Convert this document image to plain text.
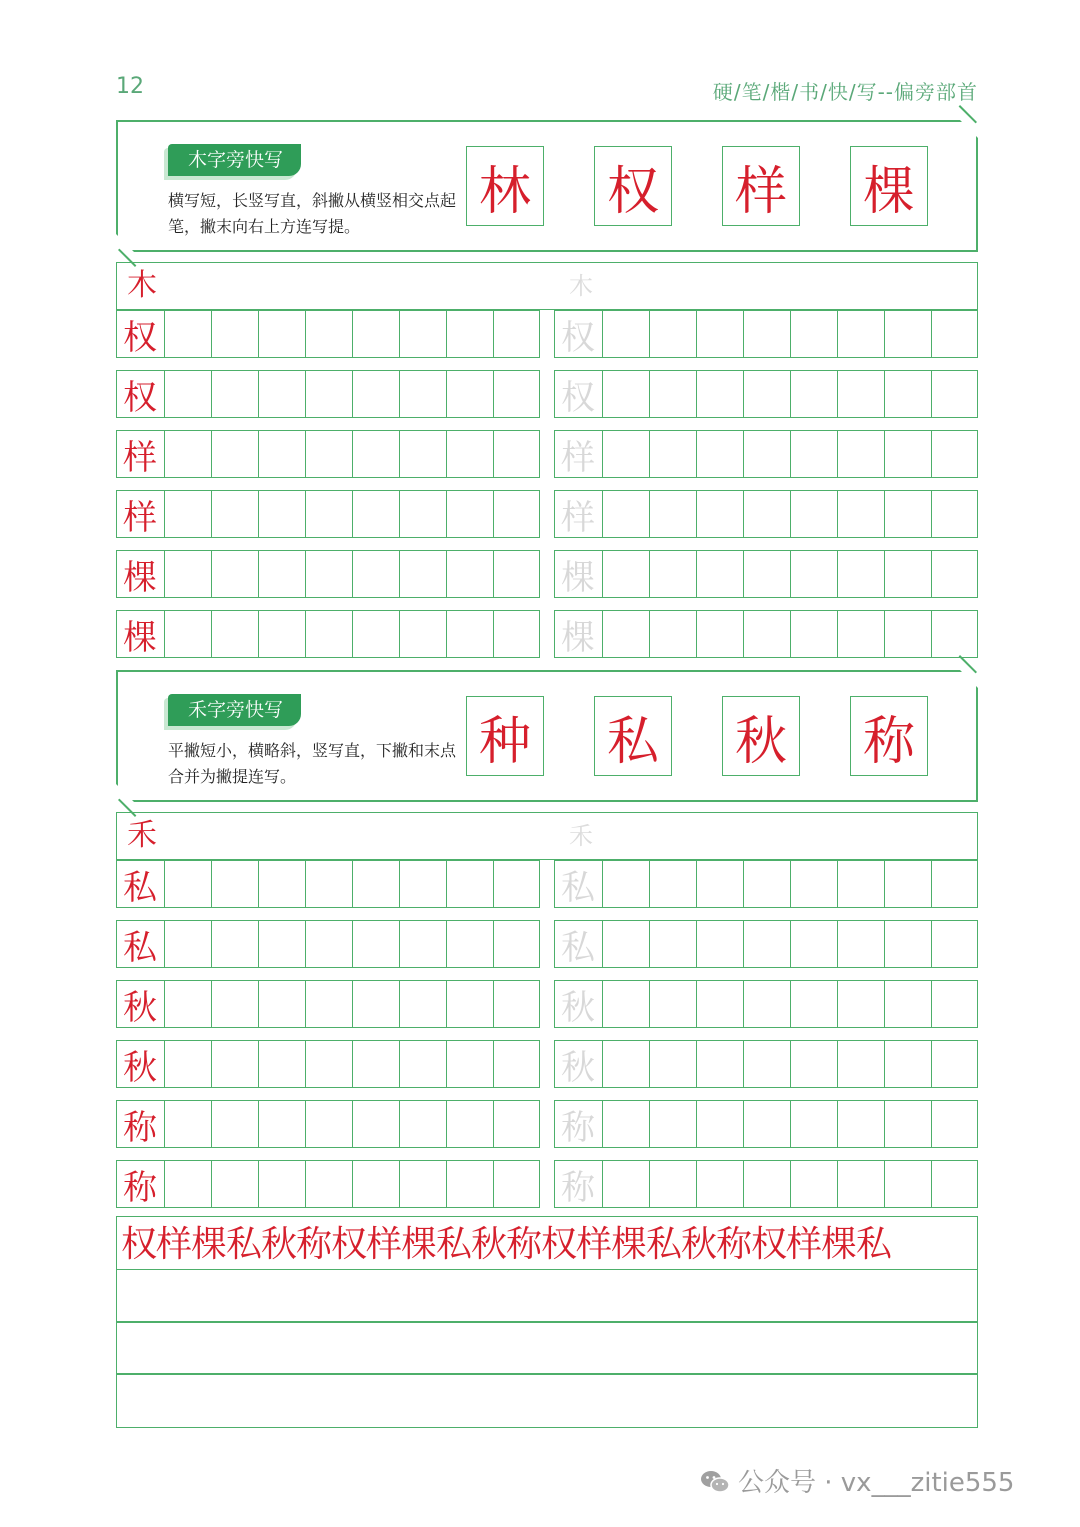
12	硬/笔/楷/书/快/写--偏旁部首
木字旁快写
横写短，长竖写直，斜撇从横竖相交点起笔，撇末向右上方连写提。
林 权 样 棵
木	木
禾字旁快写
平撇短小，横略斜，竖写直，下撇和末点合并为撇提连写。
种 私 秋 称
禾	禾
权样棵私秋称权样棵私秋称权样棵私秋称权样棵私
公众号 · vx___zitie555
权	权
权	权
样	样
样	样
棵	棵
棵	棵
私	私
私	私
秋	秋
秋	秋
称	称
称	称
